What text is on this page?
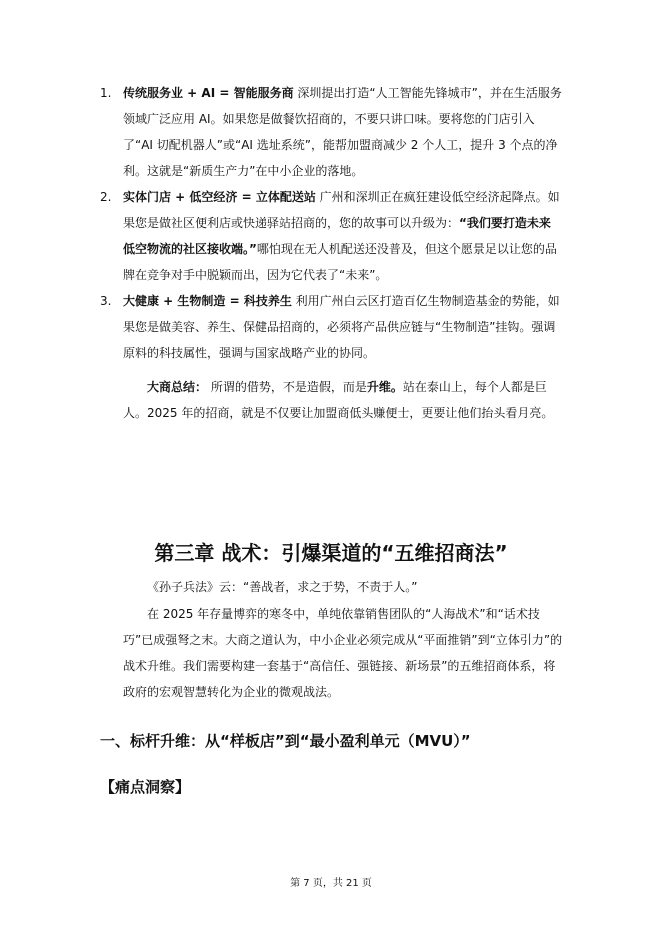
1. 传统服务业 + AI = 智能服务商 深圳提出打造“人工智能先锋城市”，并在生活服务领域广泛应用 AI。如果您是做餐饮招商的，不要只讲口味。要将您的门店引入了“AI 切配机器人”或“AI 选址系统”，能帮加盟商减少 2 个人工，提升 3 个点的净利。这就是“新质生产力”在中小企业的落地。
2. 实体门店 + 低空经济 = 立体配送站 广州和深圳正在疯狂建设低空经济起降点。如果您是做社区便利店或快递驿站招商的，您的故事可以升级为：“我们要打造未来低空物流的社区接收端。”哪怕现在无人机配送还没普及，但这个愿景足以让您的品牌在竞争对手中脱颖而出，因为它代表了“未来”。
3. 大健康 + 生物制造 = 科技养生 利用广州白云区打造百亿生物制造基金的势能，如果您是做美容、养生、保健品招商的，必须将产品供应链与“生物制造”挂钩。强调原料的科技属性，强调与国家战略产业的协同。
大商总结： 所谓的借势，不是造假，而是升维。站在泰山上，每个人都是巨人。2025 年的招商，就是不仅要让加盟商低头赚便士，更要让他们抬头看月亮。
第三章 战术：引爆渠道的“五维招商法”
《孙子兵法》云：“善战者，求之于势，不责于人。”
在 2025 年存量博弈的寒冬中，单纯依靠销售团队的“人海战术”和“话术技巧”已成强弩之末。大商之道认为，中小企业必须完成从“平面推销”到“立体引力”的战术升维。我们需要构建一套基于“高信任、强链接、新场景”的五维招商体系，将政府的宏观智慧转化为企业的微观战法。
一、标杆升维：从“样板店”到“最小盈利单元（MVU）”
【痛点洞察】
第 7 页，共 21 页
